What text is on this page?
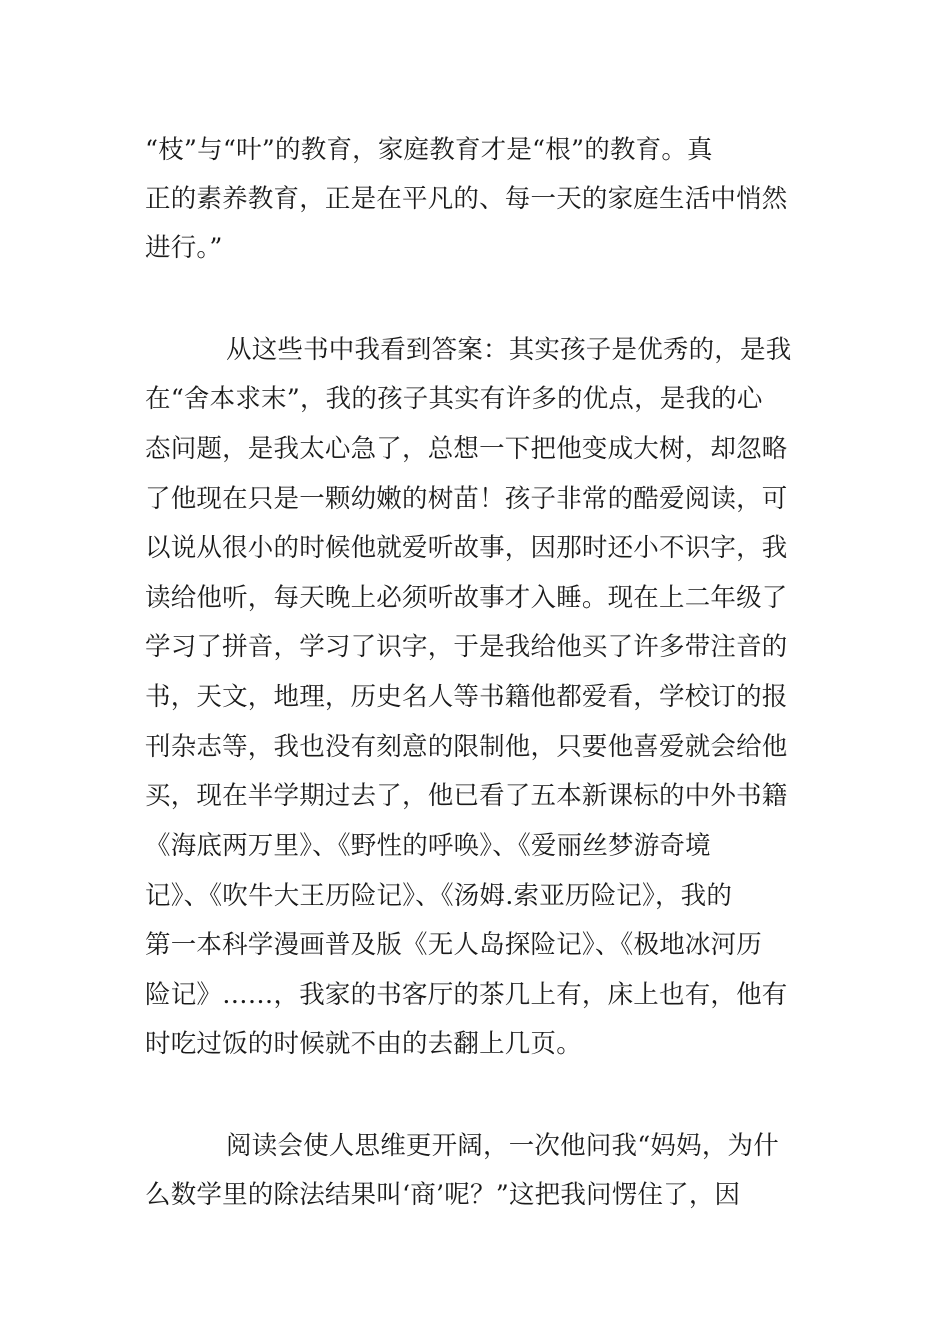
“枝”与“叶”的教育，家庭教育才是“根”的教育。真
正的素养教育，正是在平凡的、每一天的家庭生活中悄然
进行。”
从这些书中我看到答案：其实孩子是优秀的，是我
在“舍本求末”，我的孩子其实有许多的优点，是我的心
态问题，是我太心急了，总想一下把他变成大树，却忽略
了他现在只是一颗幼嫩的树苗！孩子非常的酷爱阅读，可
以说从很小的时候他就爱听故事，因那时还小不识字，我
读给他听，每天晚上必须听故事才入睡。现在上二年级了
学习了拼音，学习了识字，于是我给他买了许多带注音的
书，天文，地理，历史名人等书籍他都爱看，学校订的报
刊杂志等，我也没有刻意的限制他，只要他喜爱就会给他
买，现在半学期过去了，他已看了五本新课标的中外书籍
《海底两万里》、《野性的呼唤》、《爱丽丝梦游奇境
记》、《吹牛大王历险记》、《汤姆.索亚历险记》，我的
第一本科学漫画普及版《无人岛探险记》、《极地冰河历
险记》……，我家的书客厅的茶几上有，床上也有，他有
时吃过饭的时候就不由的去翻上几页。
阅读会使人思维更开阔，一次他问我“妈妈，为什
么数学里的除法结果叫‘商’呢？”这把我问愣住了，因
